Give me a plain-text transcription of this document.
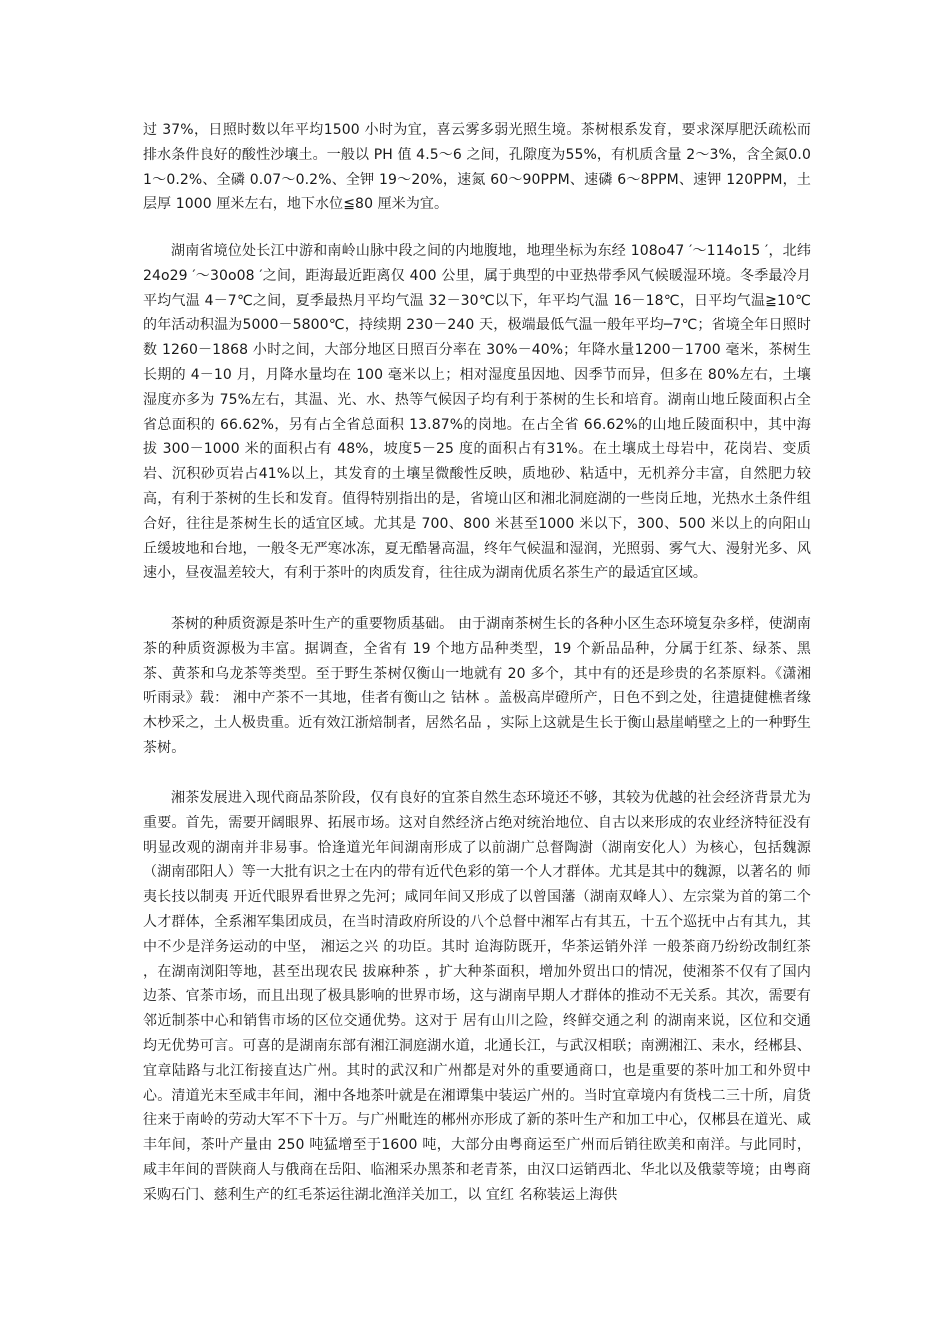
过 37%，日照时数以年平均1500 小时为宜，喜云雾多弱光照生境。茶树根系发育，要求深厚肥沃疏松而排水条件良好的酸性沙壤土。一般以 PH 值 4.5～6 之间，孔隙度为55%，有机质含量 2～3%，含全氮0.01～0.2%、全磷 0.07～0.2%、全钾 19～20%，速氮 60～90PPM、速磷 6～8PPM、速钾 120PPM，土层厚 1000 厘米左右，地下水位≦80 厘米为宜。

湖南省境位处长江中游和南岭山脉中段之间的内地腹地，地理坐标为东经 108o47 ′～114o15 ′，北纬 24o29 ′～30o08 ′之间，距海最近距离仅 400 公里，属于典型的中亚热带季风气候暖湿环境。冬季最冷月平均气温 4－7℃之间，夏季最热月平均气温 32－30℃以下，年平均气温 16－18℃，日平均气温≧10℃的年活动积温为5000－5800℃，持续期 230－240 天，极端最低气温一般年平均─7℃；省境全年日照时数 1260－1868 小时之间，大部分地区日照百分率在 30%－40%；年降水量1200－1700 毫米，茶树生长期的 4－10 月，月降水量均在 100 毫米以上；相对湿度虽因地、因季节而异，但多在 80%左右，土壤湿度亦多为 75%左右，其温、光、水、热等气候因子均有利于茶树的生长和培育。湖南山地丘陵面积占全省总面积的 66.62%，另有占全省总面积 13.87%的岗地。在占全省 66.62%的山地丘陵面积中，其中海拔 300－1000 米的面积占有 48%，坡度5－25 度的面积占有31%。在土壤成土母岩中，花岗岩、变质岩、沉积砂页岩占41%以上，其发育的土壤呈微酸性反映，质地砂、粘适中，无机养分丰富，自然肥力较高，有利于茶树的生长和发育。值得特别指出的是，省境山区和湘北洞庭湖的一些岗丘地，光热水土条件组合好，往往是茶树生长的适宜区域。尤其是 700、800 米甚至1000 米以下，300、500 米以上的向阳山丘缓坡地和台地，一般冬无严寒冰冻，夏无酷暑高温，终年气候温和湿润，光照弱、雾气大、漫射光多、风速小，昼夜温差较大，有利于茶叶的肉质发育，往往成为湖南优质名茶生产的最适宜区域。

茶树的种质资源是茶叶生产的重要物质基础。 由于湖南茶树生长的各种小区生态环境复杂多样，使湖南茶的种质资源极为丰富。据调查，全省有 19 个地方品种类型，19 个新品品种，分属于红茶、绿茶、黑茶、黄茶和乌龙茶等类型。至于野生茶树仅衡山一地就有 20 多个，其中有的还是珍贵的名茶原料。《潇湘听雨录》载： 湘中产茶不一其地，佳者有衡山之 钴林 。盖极高岸磴所产，日色不到之处，往遣捷健樵者缘木杪采之，土人极贵重。近有效江浙焙制者，居然名品 ，实际上这就是生长于衡山悬崖峭壁之上的一种野生茶树。

湘茶发展进入现代商品茶阶段，仅有良好的宜茶自然生态环境还不够，其较为优越的社会经济背景尤为重要。首先，需要开阔眼界、拓展市场。这对自然经济占绝对统治地位、自古以来形成的农业经济特征没有明显改观的湖南并非易事。恰逢道光年间湖南形成了以前湖广总督陶澍（湖南安化人）为核心，包括魏源（湖南邵阳人）等一大批有识之士在内的带有近代色彩的第一个人才群体。尤其是其中的魏源，以著名的 师夷长技以制夷 开近代眼界看世界之先河；咸同年间又形成了以曾国藩（湖南双峰人）、左宗棠为首的第二个人才群体，全系湘军集团成员，在当时清政府所设的八个总督中湘军占有其五，十五个巡抚中占有其九，其中不少是洋务运动的中坚， 湘运之兴 的功臣。其时 迨海防既开，华茶运销外洋 一般茶商乃纷纷改制红茶 ，在湖南浏阳等地，甚至出现农民 拔麻种茶 ，扩大种茶面积，增加外贸出口的情况，使湘茶不仅有了国内边茶、官茶市场，而且出现了极具影响的世界市场，这与湖南早期人才群体的推动不无关系。其次，需要有邻近制茶中心和销售市场的区位交通优势。这对于 居有山川之险，终鲜交通之利 的湖南来说，区位和交通均无优势可言。可喜的是湖南东部有湘江洞庭湖水道，北通长江，与武汉相联；南溯湘江、耒水，经郴县、宜章陆路与北江衔接直达广州。其时的武汉和广州都是对外的重要通商口，也是重要的茶叶加工和外贸中心。清道光末至咸丰年间，湘中各地茶叶就是在湘谭集中装运广州的。当时宜章境内有货栈二三十所，肩货往来于南岭的劳动大军不下十万。与广州毗连的郴州亦形成了新的茶叶生产和加工中心，仅郴县在道光、咸丰年间，茶叶产量由 250 吨猛增至于1600 吨，大部分由粤商运至广州而后销往欧美和南洋。与此同时，咸丰年间的晋陕商人与俄商在岳阳、临湘采办黑茶和老青茶，由汉口运销西北、华北以及俄蒙等境；由粤商采购石门、慈利生产的红毛茶运往湖北渔洋关加工，以 宜红 名称装运上海供
